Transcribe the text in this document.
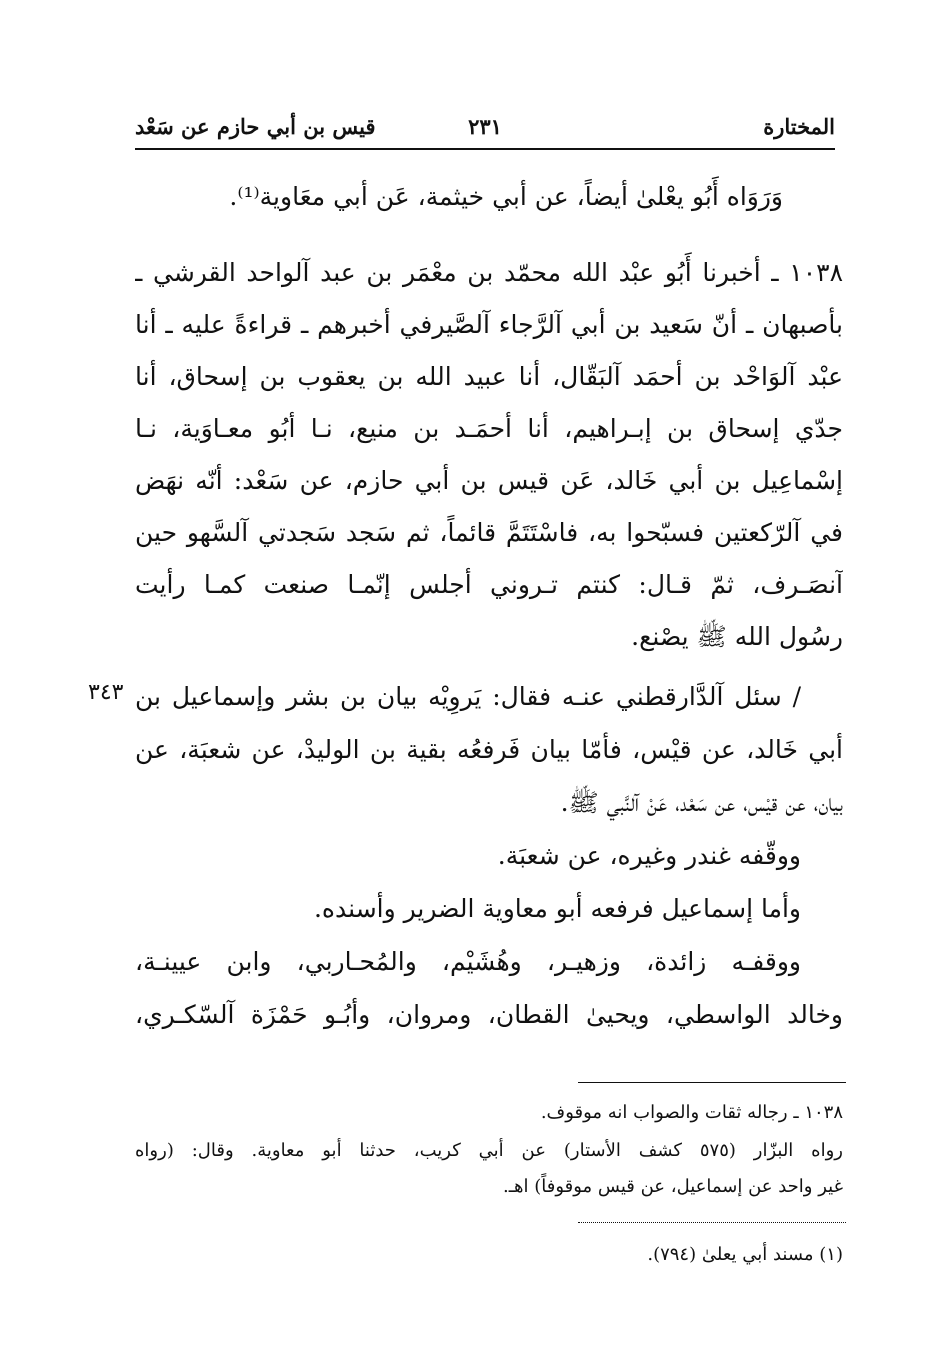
المختارة
٢٣١
قيس بن أبي حازم عن سَعْد
وَرَوَاه أَبُو يعْلىٰ أيضاً، عن أبي خيثمة، عَن أبي معَاوية⁽¹⁾.
١٠٣٨ ـ أخبرنا أَبُو عبْد الله محمّد بن معْمَر بن عبد آلواحد القرشي ـ
بأصبهان ـ أنّ سَعيد بن أبي آلرَّجاء آلصَّيرفي أخبرهم ـ قراءةً عليه ـ أنا
عبْد آلوَاحْد بن أحمَد آلبَقّال، أنا عبيد الله بن يعقوب بن إسحاق، أنا
جدّي إسحاق بن إبـراهيم، أنا أحمَـد بن منيع، نـا أبُو معـاوَية، نـا
إسْماعِيل بن أبي خَالد، عَن قيس بن أبي حازم، عن سَعْد: أنّه نهَض
في آلرّكعتين فسبّحوا به، فاسْتَتَمَّ قائماً، ثم سَجد سَجدتي آلسَّهو حين
آنصَـرف، ثمّ قـال: كنتم تـروني أجلس إنّمـا صنعت كمـا رأيت
رسُول الله ﷺ يصْنع.
/ سئل آلدَّارقطني عنـه فقال: يَروِيْه بيان بن بشر وإسماعيل بن
أبي خَالد، عن قيْس، فأمّا بيان فَرفعُه بقية بن الوليدْ، عن شعبَة، عن
بيان، عن قيْس، عن سَعْد، عَنْ آلنَّبي ﷺ.
ووقّفه غندر وغيره، عن شعبَة.
وأما إسماعيل فرفعه أبو معاوية الضرير وأسنده.
ووقفـه زائدة، وزهيـر، وهُشَيْم، والمُحـاربي، وابن عيينـة،
وخالد الواسطي، ويحيىٰ القطان، ومروان، وأبُـو حَمْزَة آلسّكـري،
٣٤٣
١٠٣٨ ـ رجاله ثقات والصواب انه موقوف.
رواه البزّار (٥٧٥ كشف الأستار) عن أبي كريب، حدثنا أبو معاوية. وقال: (رواه
غير واحد عن إسماعيل، عن قيس موقوفاً) اهـ.
(١) مسند أبي يعلىٰ (٧٩٤).
